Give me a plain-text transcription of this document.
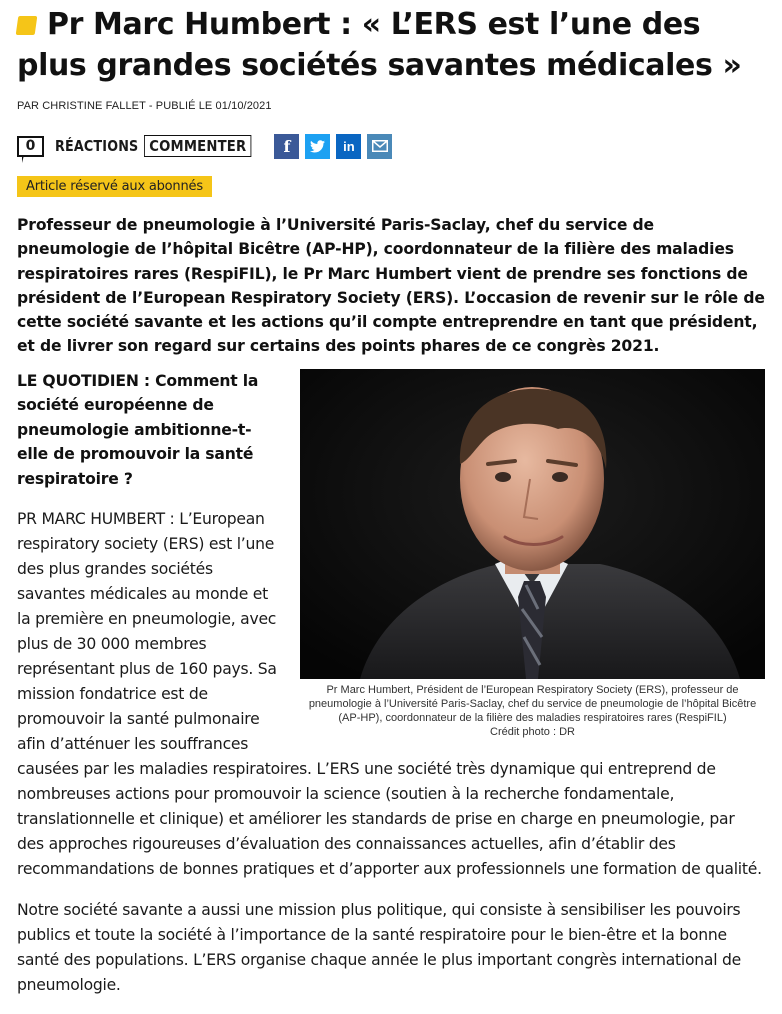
Pr Marc Humbert : « L’ERS est l’une des plus grandes sociétés savantes médicales »
PAR CHRISTINE FALLET - PUBLIÉ LE 01/10/2021
0	RÉACTIONS COMMENTER	f	in
Article réservé aux abonnés
Professeur de pneumologie à l’Université Paris-Saclay, chef du service de pneumologie de l’hôpital Bicêtre (AP-HP), coordonnateur de la filière des maladies respiratoires rares (RespiFIL), le Pr Marc Humbert vient de prendre ses fonctions de président de l’European Respiratory Society (ERS). L’occasion de revenir sur le rôle de cette société savante et les actions qu’il compte entreprendre en tant que président, et de livrer son regard sur certains des points phares de ce congrès 2021.
Pr Marc Humbert, Président de l’European Respiratory Society (ERS), professeur de pneumologie à l’Université Paris-Saclay, chef du service de pneumologie de l’hôpital Bicêtre (AP-HP), coordonnateur de la filière des maladies respiratoires rares (RespiFIL)
Crédit photo : DR

LE QUOTIDIEN : Comment la société européenne de pneumologie ambitionne-t-elle de promouvoir la santé respiratoire ?

PR MARC HUMBERT : L’European respiratory society (ERS) est l’une des plus grandes sociétés savantes médicales au monde et la première en pneumologie, avec plus de 30 000 membres représentant plus de 160 pays. Sa mission fondatrice est de promouvoir la santé pulmonaire afin d’atténuer les souffrances causées par les maladies respiratoires. L’ERS une société très dynamique qui entreprend de nombreuses actions pour promouvoir la science (soutien à la recherche fondamentale, translationnelle et clinique) et améliorer les standards de prise en charge en pneumologie, par des approches rigoureuses d’évaluation des connaissances actuelles, afin d’établir des recommandations de bonnes pratiques et d’apporter aux professionnels une formation de qualité.

Notre société savante a aussi une mission plus politique, qui consiste à sensibiliser les pouvoirs publics et toute la société à l’importance de la santé respiratoire pour le bien-être et la bonne santé des populations. L’ERS organise chaque année le plus important congrès international de pneumologie.
